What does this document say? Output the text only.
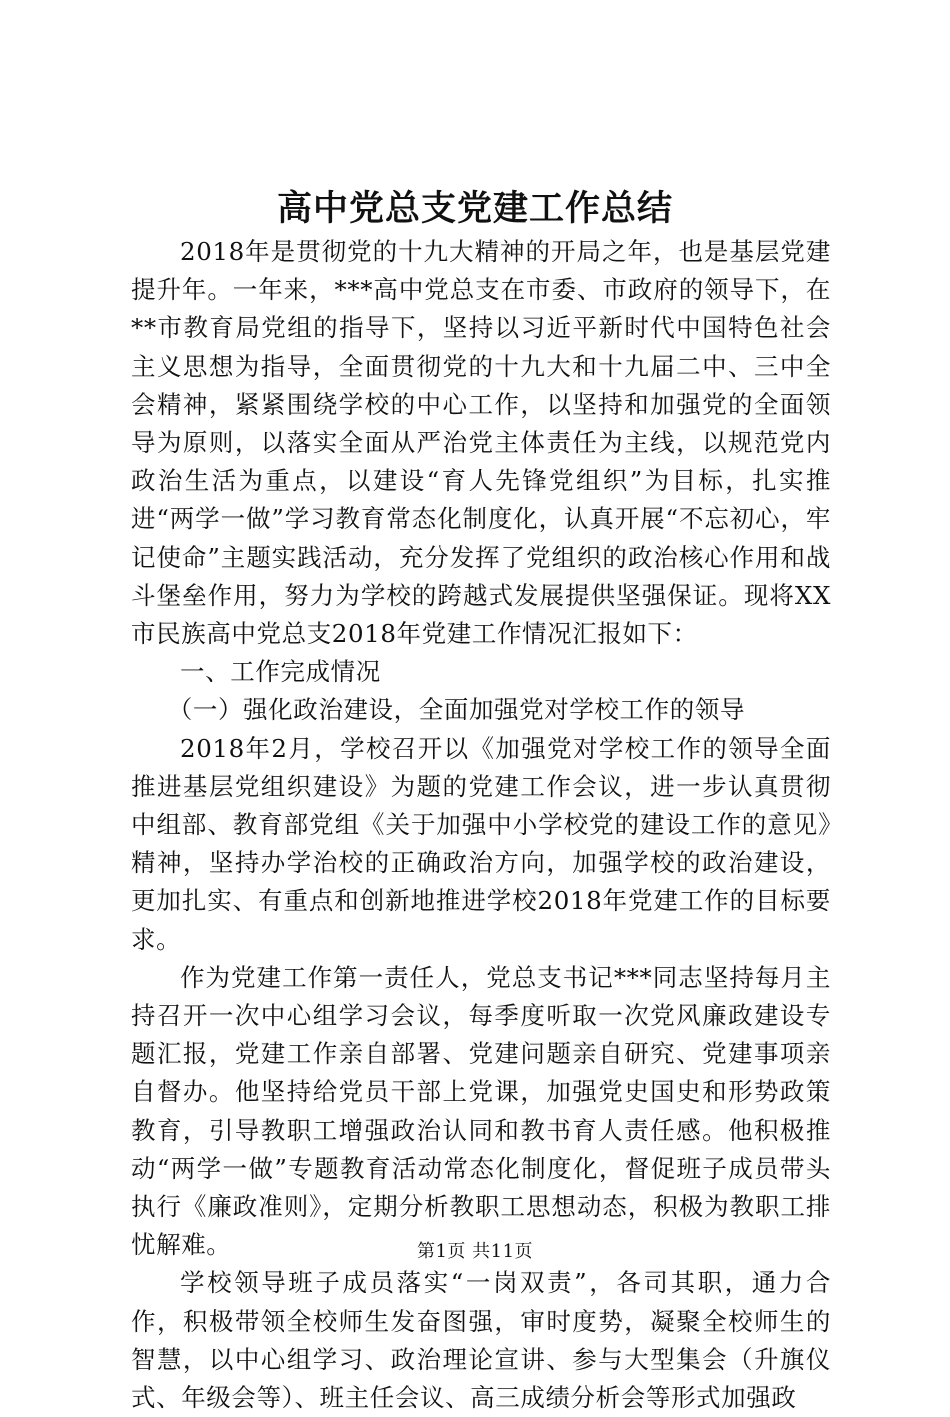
高中党总支党建工作总结

2018年是贯彻党的十九大精神的开局之年，也是基层党建提升年。一年来，***高中党总支在市委、市政府的领导下，在**市教育局党组的指导下，坚持以习近平新时代中国特色社会主义思想为指导，全面贯彻党的十九大和十九届二中、三中全会精神，紧紧围绕学校的中心工作，以坚持和加强党的全面领导为原则，以落实全面从严治党主体责任为主线，以规范党内政治生活为重点，以建设“育人先锋党组织”为目标，扎实推进“两学一做”学习教育常态化制度化，认真开展“不忘初心，牢记使命”主题实践活动，充分发挥了党组织的政治核心作用和战斗堡垒作用，努力为学校的跨越式发展提供坚强保证。现将XX市民族高中党总支2018年党建工作情况汇报如下：

一、工作完成情况

（一）强化政治建设，全面加强党对学校工作的领导

2018年2月，学校召开以《加强党对学校工作的领导全面推进基层党组织建设》为题的党建工作会议，进一步认真贯彻中组部、教育部党组《关于加强中小学校党的建设工作的意见》精神，坚持办学治校的正确政治方向，加强学校的政治建设，更加扎实、有重点和创新地推进学校2018年党建工作的目标要求。

作为党建工作第一责任人，党总支书记***同志坚持每月主持召开一次中心组学习会议，每季度听取一次党风廉政建设专题汇报，党建工作亲自部署、党建问题亲自研究、党建事项亲自督办。他坚持给党员干部上党课，加强党史国史和形势政策教育，引导教职工增强政治认同和教书育人责任感。他积极推动“两学一做”专题教育活动常态化制度化，督促班子成员带头执行《廉政准则》，定期分析教职工思想动态，积极为教职工排忧解难。

学校领导班子成员落实“一岗双责”，各司其职，通力合作，积极带领全校师生发奋图强，审时度势，凝聚全校师生的智慧，以中心组学习、政治理论宣讲、参与大型集会（升旗仪式、年级会等）、班主任会议、高三成绩分析会等形式加强政

第1页 共11页
